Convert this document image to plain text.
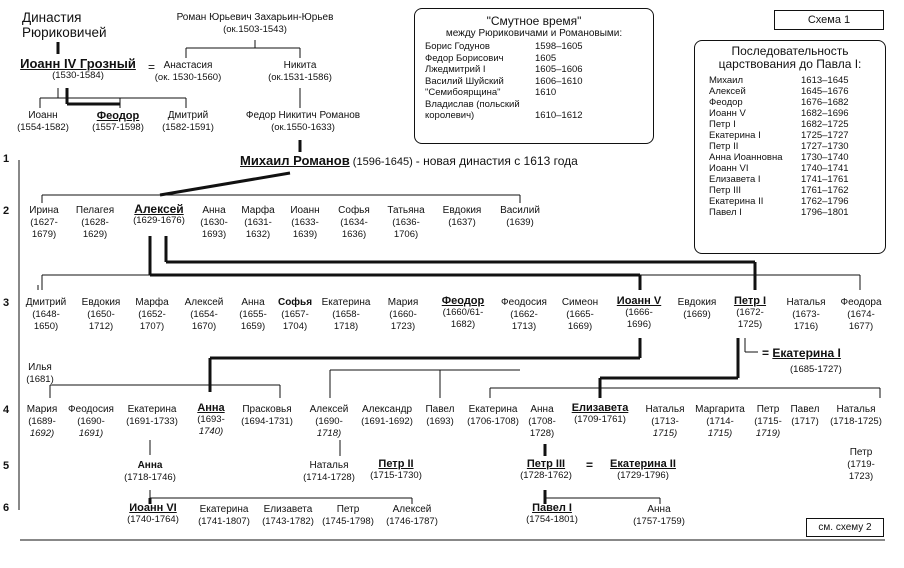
Династия
Рюриковичей
Роман Юрьевич Захарьин-Юрьев
(ок.1503-1543)
Иоанн IV Грозный
(1530-1584)
= Анастасия
(ок. 1530-1560)
Никита
(ок.1531-1586)
Иоанн
(1554-1582)
Феодор
(1557-1598)
Дмитрий
(1582-1591)
Федор Никитич Романов
(ок.1550-1633)
"Смутное время"
между Рюриковичами и Романовыми:
Борис Годунов	1598–1605
Федор Борисович	1605
Лжедмитрий I	1605–1606
Василий Шуйский	1606–1610
"Семибоярщина"	1610
Владислав (польский
королевич)	1610–1612
Схема 1
Последовательность
царствования до Павла I:
Михаил	1613–1645
Алексей	1645–1676
Феодор	1676–1682
Иоанн V	1682–1696
Петр I	1682–1725
Екатерина I	1725–1727
Петр II	1727–1730
Анна Иоанновна	1730–1740
Иоанн VI	1740–1741
Елизавета I	1741–1761
Петр III	1761–1762
Екатерина II	1762–1796
Павел I	1796–1801
Михаил Романов (1596-1645) - новая династия с 1613 года
1
2
3
4
5
6
Ирина
(1627-
1679)
Пелагея
(1628-
1629)
Алексей
(1629-1676)
Анна
(1630-
1693)
Марфа
(1631-
1632)
Иоанн
(1633-
1639)
Софья
(1634-
1636)
Татьяна
(1636-
1706)
Евдокия
(1637)
Василий
(1639)
Дмитрий
(1648-
1650)
Евдокия
(1650-
1712)
Марфа
(1652-
1707)
Алексей
(1654-
1670)
Анна
(1655-
1659)
Софья
(1657-
1704)
Екатерина
(1658-
1718)
Мария
(1660-
1723)
Феодор
(1660/61-
1682)
Феодосия
(1662-
1713)
Симеон
(1665-
1669)
Иоанн V
(1666-
1696)
Евдокия
(1669)
Петр I
(1672-
1725)
Наталья
(1673-
1716)
Феодора
(1674-
1677)
Илья
(1681)
= Екатерина I
(1685-1727)
Мария
(1689-
1692)
Феодосия
(1690-
1691)
Екатерина
(1691-1733)
Анна
(1693-
1740)
Прасковья
(1694-1731)
Алексей
(1690-
1718)
Александр
(1691-1692)
Павел
(1693)
Екатерина
(1706-1708)
Анна
(1708-
1728)
Елизавета
(1709-1761)
Наталья
(1713-
1715)
Маргарита
(1714-
1715)
Петр
(1715-
1719)
Павел
(1717)
Наталья
(1718-1725)
Петр
(1719-
1723)
Анна
(1718-1746)
Наталья
(1714-1728)
Петр II
(1715-1730)
Петр III
(1728-1762)
Екатерина II
(1729-1796)
=
Иоанн VI
(1740-1764)
Екатерина
(1741-1807)
Елизавета
(1743-1782)
Петр
(1745-1798)
Алексей
(1746-1787)
Павел I
(1754-1801)
Анна
(1757-1759)
см. схему 2
